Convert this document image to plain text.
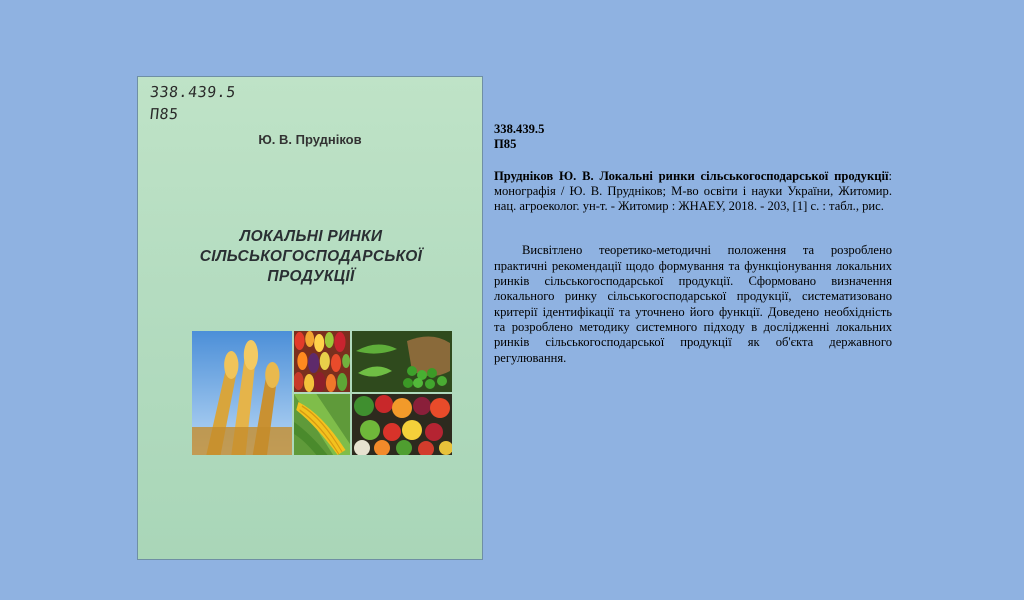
338.439.5
П85
Ю. В. Прудніков
ЛОКАЛЬНІ РИНКИ
СІЛЬСЬКОГОСПОДАРСЬКОЇ
ПРОДУКЦІЇ
338.439.5
П85
Прудніков Ю. В. Локальні ринки сільськогосподарської продукції: монографія / Ю. В. Прудніков; М-во освіти і науки України, Житомир. нац. агроеколог. ун-т. - Житомир : ЖНАЕУ, 2018. - 203, [1] с. : табл., рис.
Висвітлено теоретико-методичні положення та розроблено практичні рекомендації щодо формування та функціонування локальних ринків сільськогосподарської продукції. Сформовано визначення локального ринку сільськогосподарської продукції, систематизовано критерії ідентифікації та уточнено його функції. Доведено необхідність та розроблено методику системного підходу в дослідженні локальних ринків сільськогосподарської продукції як об'єкта державного регулювання.
